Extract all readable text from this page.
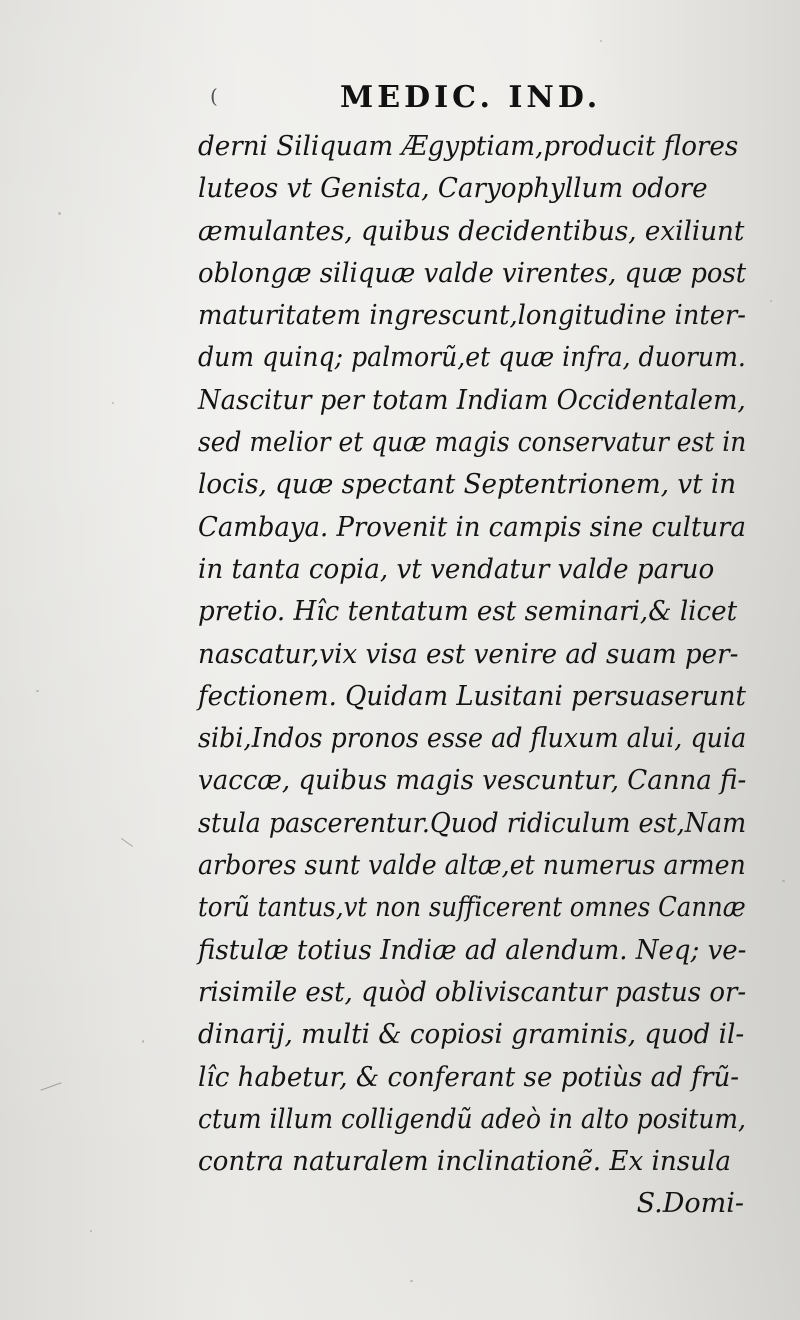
(	MEDIC. IND.
derni Siliquam Ægyptiam,producit flores
luteos vt Genista, Caryophyllum odore
æmulantes, quibus decidentibus, exiliunt
oblongæ siliquæ valde virentes, quæ post
maturitatem ingrescunt,longitudine inter-
dum quinq; palmorũ,et quæ infra, duorum.
Nascitur per totam Indiam Occidentalem,
sed melior et quæ magis conservatur est in
locis, quæ spectant Septentrionem, vt in
Cambaya. Provenit in campis sine cultura
in tanta copia, vt vendatur valde paruo
pretio. Hîc tentatum est seminari,& licet
nascatur,vix visa est venire ad suam per-
fectionem. Quidam Lusitani persuaserunt
sibi,Indos pronos esse ad fluxum alui, quia
vaccæ, quibus magis vescuntur, Canna fi-
stula pascerentur.Quod ridiculum est,Nam
arbores sunt valde altæ,et numerus armen
torũ tantus,vt non sufficerent omnes Cannæ
fistulæ totius Indiæ ad alendum. Neq; ve-
risimile est, quòd obliviscantur pastus or-
dinarij, multi & copiosi graminis, quod il-
lîc habetur, & conferant se potiùs ad frũ-
ctum illum colligendũ adeò in alto positum,
contra naturalem inclinationẽ. Ex insula
S.Domi-
